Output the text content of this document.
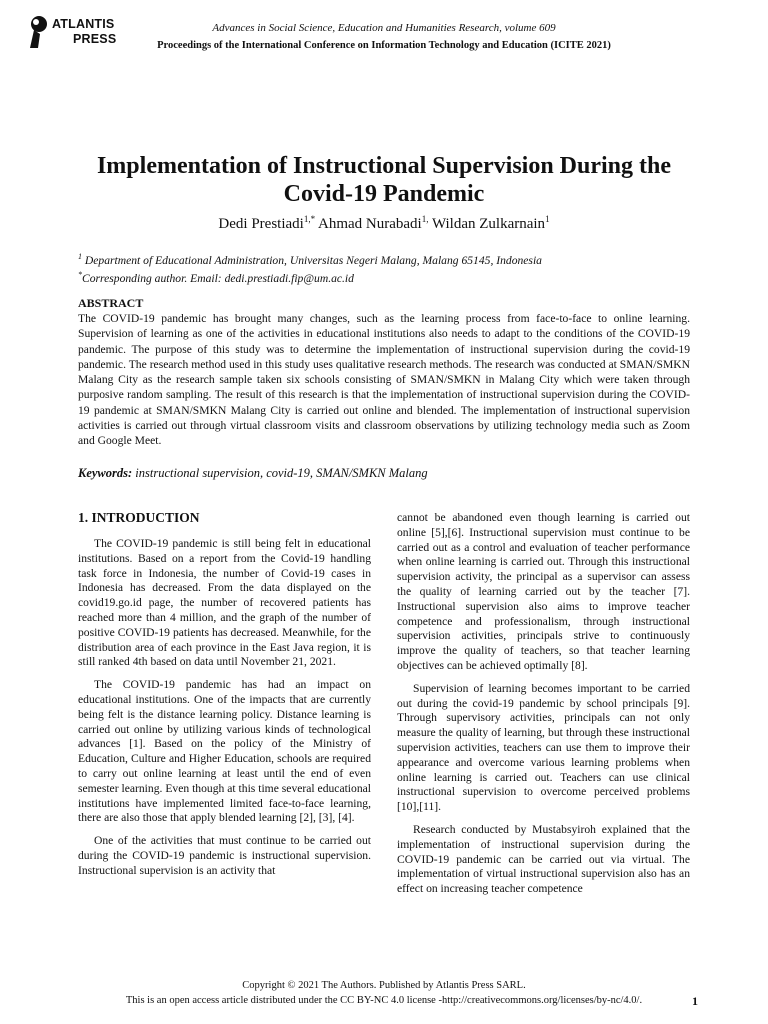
ATLANTIS
PRESS
Advances in Social Science, Education and Humanities Research, volume 609
Proceedings of the International Conference on Information Technology and Education (ICITE 2021)
Implementation of Instructional Supervision During the Covid-19 Pandemic
Dedi Prestiadi$^{1,*}$ Ahmad Nurabadi$^{1,}$ Wildan Zulkarnain$^1$
$^1$ Department of Educational Administration, Universitas Negeri Malang, Malang 65145, Indonesia
*Corresponding author. Email: dedi.prestiadi.fip@um.ac.id
ABSTRACT

The COVID-19 pandemic has brought many changes, such as the learning process from face-to-face to online learning. Supervision of learning as one of the activities in educational institutions also needs to adapt to the conditions of the COVID-19 pandemic. The purpose of this study was to determine the implementation of instructional supervision during the covid-19 pandemic. The research method used in this study uses qualitative research methods. The research was conducted at SMAN/SMKN Malang City as the research sample taken six schools consisting of SMAN/SMKN in Malang City which were taken through purposive random sampling. The result of this research is that the implementation of instructional supervision during the COVID-19 pandemic at SMAN/SMKN Malang City is carried out online and blended. The implementation of instructional supervision activities is carried out through virtual classroom visits and classroom observations by utilizing technology media such as Zoom and Google Meet.

Keywords: instructional supervision, covid-19, SMAN/SMKN Malang
1. INTRODUCTION

The COVID-19 pandemic is still being felt in educational institutions. Based on a report from the Covid-19 handling task force in Indonesia, the number of Covid-19 cases in Indonesia has decreased. From the data displayed on the covid19.go.id page, the number of recovered patients has reached more than 4 million, and the graph of the number of positive COVID-19 patients has decreased. Meanwhile, for the distribution area of each province in the East Java region, it is still ranked 4th based on data until November 21, 2021.

The COVID-19 pandemic has had an impact on educational institutions. One of the impacts that are currently being felt is the distance learning policy. Distance learning is carried out online by utilizing various kinds of technological advances [1]. Based on the policy of the Ministry of Education, Culture and Higher Education, schools are required to carry out online learning at least until the end of even semester learning. Even though at this time several educational institutions have implemented limited face-to-face learning, there are also those that apply blended learning [2], [3], [4].

One of the activities that must continue to be carried out during the COVID-19 pandemic is instructional supervision. Instructional supervision is an activity that

cannot be abandoned even though learning is carried out online [5],[6]. Instructional supervision must continue to be carried out as a control and evaluation of teacher performance when online learning is carried out. Through this instructional supervision activity, the principal as a supervisor can assess the quality of learning carried out by the teacher [7]. Instructional supervision also aims to improve teacher competence and professionalism, through instructional supervision activities, principals strive to continuously improve the quality of teachers, so that teacher learning objectives can be achieved optimally [8].

Supervision of learning becomes important to be carried out during the covid-19 pandemic by school principals [9]. Through supervisory activities, principals can not only measure the quality of learning, but through these instructional supervision activities, teachers can use them to improve their appearance and overcome various learning problems when online learning is carried out. Teachers can use clinical instructional supervision to overcome perceived problems [10],[11].

Research conducted by Mustabsyiroh explained that the implementation of instructional supervision during the COVID-19 pandemic can be carried out via virtual. The implementation of virtual instructional supervision also has an effect on increasing teacher competence

Copyright © 2021 The Authors. Published by Atlantis Press SARL.
This is an open access article distributed under the CC BY-NC 4.0 license -http://creativecommons.org/licenses/by-nc/4.0/.	1
